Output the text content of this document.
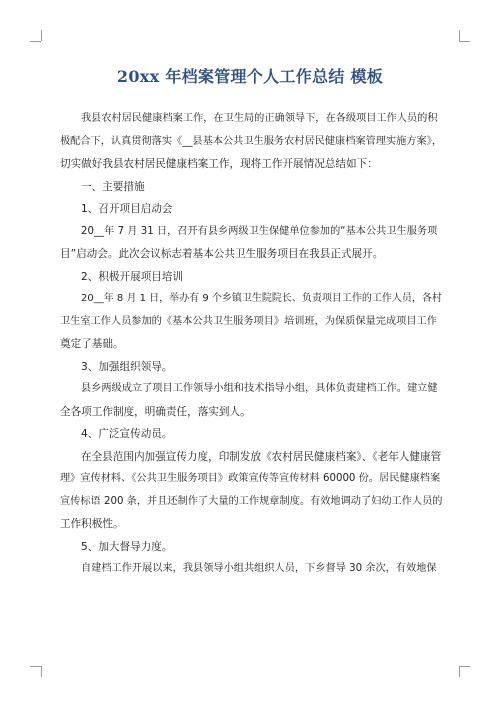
20xx 年档案管理个人工作总结 模板

我县农村居民健康档案工作，在卫生局的正确领导下，在各级项目工作人员的积

极配合下，认真贯彻落实《__县基本公共卫生服务农村居民健康档案管理实施方案》，

切实做好我县农村居民健康档案工作，现将工作开展情况总结如下：

一、主要措施

1、召开项目启动会

20__年 7 月 31 日，召开有县乡两级卫生保健单位参加的“基本公共卫生服务项

目”启动会。此次会议标志着基本公共卫生服务项目在我县正式展开。

2、积极开展项目培训

20__年 8 月 1 日，举办有 9 个乡镇卫生院院长、负责项目工作的工作人员，各村

卫生室工作人员参加的《基本公共卫生服务项目》培训班，为保质保量完成项目工作

奠定了基础。

3、加强组织领导。

县乡两级成立了项目工作领导小组和技术指导小组，具体负责建档工作。建立健

全各项工作制度，明确责任，落实到人。

4、广泛宣传动员。

在全县范围内加强宣传力度，印制发放《农村居民健康档案》、《老年人健康管

理》宣传材料、《公共卫生服务项目》政策宣传等宣传材料 60000 份。居民健康档案

宣传标语 200 条，并且还制作了大量的工作规章制度。有效地调动了妇幼工作人员的

工作积极性。

5、加大督导力度。

自建档工作开展以来，我县领导小组共组织人员，下乡督导 30 余次，有效地保
